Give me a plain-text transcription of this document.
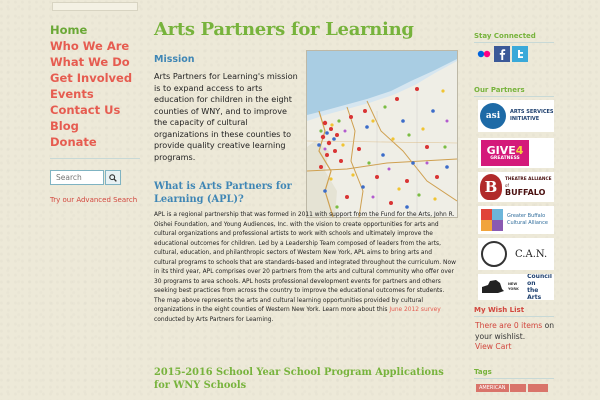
Home
Who We Are
What We Do
Get Involved
Events
Contact Us
Blog
Donate
Search
Try our Advanced Search
Arts Partners for Learning
Mission

Arts Partners for Learning's mission is to expand access to arts education for children in the eight counties of WNY, and to improve the capacity of cultural organizations in these counties to provide quality creative learning programs.

What is Arts Partners for Learning (APL)?

APL is a regional partnership that was formed in 2011 with support from the Fund for the Arts, John R. Oishei Foundation, and Young Audiences, Inc. with the vision to create opportunities for arts and cultural organizations and professional artists to work with schools and ultimately improve the educational outcomes for children. Led by a Leadership Team composed of leaders from the arts, cultural, education, and philanthropic sectors of Western New York, APL aims to bring arts and cultural programs to schools that are standards-based and integrated throughout the curriculum. Now in its third year, APL comprises over 20 partners from the arts and cultural community who offer over 30 programs to area schools. APL hosts professional development events for partners and others seeking best practices from across the country to improve the educational outcomes for students. The map above represents the arts and cultural learning opportunities provided by cultural organizations in the eight counties of Western New York. Learn more about this June 2012 survey conducted by Arts Partners for Learning.

2015-2016 School Year School Program Applications for WNY Schools
Stay Connected
Our Partners
asi ARTS SERVICES
INITIATIVE
GIVE4
GREATNESS
B	THEATRE ALLIANCE
of
BUFFALO
Greater Buffalo
Cultural Alliance
C.A.N.
NEW YORK
Council on
the Arts
My Wish List

There are 0 items on your wishlist.

View Cart
Tags
AMERICAN
